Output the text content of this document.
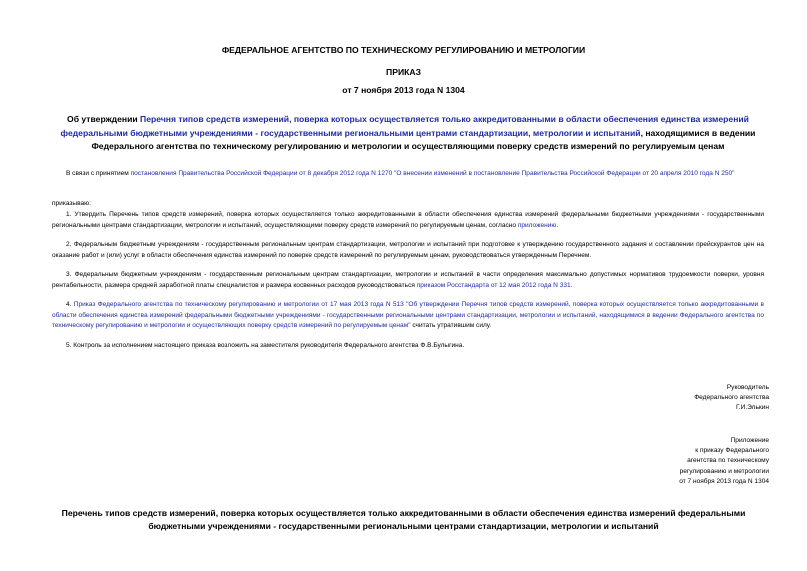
ФЕДЕРАЛЬНОЕ АГЕНТСТВО ПО ТЕХНИЧЕСКОМУ РЕГУЛИРОВАНИЮ И МЕТРОЛОГИИ
ПРИКАЗ
от 7 ноября 2013 года N 1304
Об утверждении Перечня типов средств измерений, поверка которых осуществляется только аккредитованными в области обеспечения единства измерений федеральными бюджетными учреждениями - государственными региональными центрами стандартизации, метрологии и испытаний, находящимися в ведении Федерального агентства по техническому регулированию и метрологии и осуществляющими поверку средств измерений по регулируемым ценам
В связи с принятием постановления Правительства Российской Федерации от 8 декабря 2012 года N 1270 "О внесении изменений в постановление Правительства Российской Федерации от 20 апреля 2010 года N 250"
приказываю:
1. Утвердить Перечень типов средств измерений, поверка которых осуществляется только аккредитованными в области обеспечения единства измерений федеральными бюджетными учреждениями - государственными региональными центрами стандартизации, метрологии и испытаний, осуществляющими поверку средств измерений по регулируемым ценам, согласно приложению.
2. Федеральным бюджетным учреждениям - государственным региональным центрам стандартизации, метрологии и испытаний при подготовке к утверждению государственного задания и составлении прейскурантов цен на оказание работ и (или) услуг в области обеспечения единства измерений по поверке средств измерений по регулируемым ценам, руководствоваться утвержденным Перечнем.
3. Федеральным бюджетным учреждениям - государственным региональным центрам стандартизации, метрологии и испытаний в части определения максимально допустимых нормативов трудоемкости поверки, уровня рентабельности, размера средней заработной платы специалистов и размера косвенных расходов руководствоваться приказом Росстандарта от 12 мая 2012 года N 331.
4. Приказ Федерального агентства по техническому регулированию и метрологии от 17 мая 2013 года N 513 "Об утверждении Перечня типов средств измерений, поверка которых осуществляется только аккредитованными в области обеспечения единства измерений федеральными бюджетными учреждениями - государственными региональными центрами стандартизации, метрологии и испытаний, находящимися в ведении Федерального агентства по техническому регулированию и метрологии и осуществляющих поверку средств измерений по регулируемым ценам" считать утратившим силу.
5. Контроль за исполнением настоящего приказа возложить на заместителя руководителя Федерального агентства Ф.В.Булыгина.
Руководитель
Федерального агентства
Г.И.Элькин
Приложение
к приказу Федерального
агентства по техническому
регулированию и метрологии
от 7 ноября 2013 года N 1304
Перечень типов средств измерений, поверка которых осуществляется только аккредитованными в области обеспечения единства измерений федеральными бюджетными учреждениями - государственными региональными центрами стандартизации, метрологии и испытаний
